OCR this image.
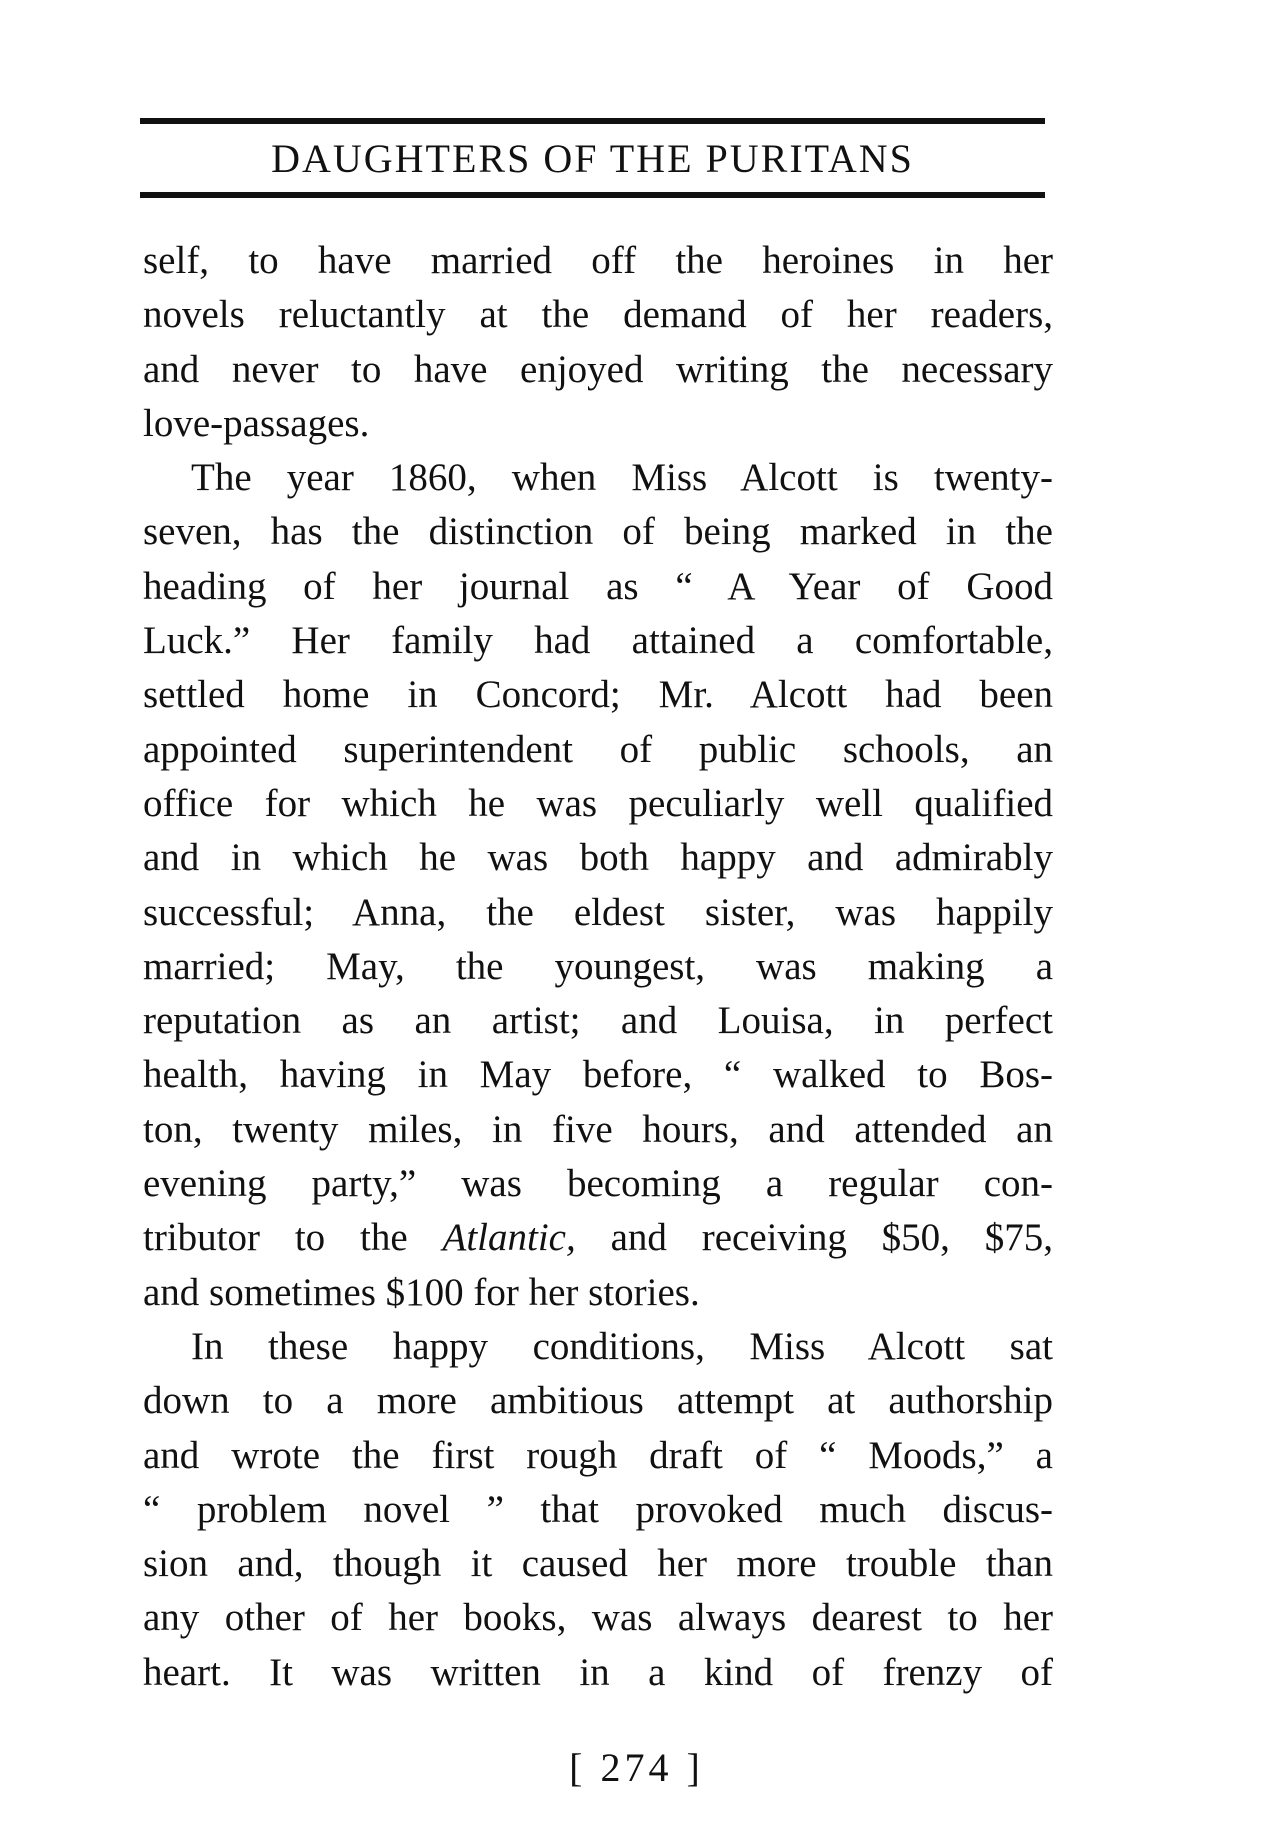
DAUGHTERS OF THE PURITANS
self, to have married off the heroines in her
novels reluctantly at the demand of her readers,
and never to have enjoyed writing the necessary
love-passages.
The year 1860, when Miss Alcott is twenty-
seven, has the distinction of being marked in the
heading of her journal as “ A Year of Good
Luck.” Her family had attained a comfortable,
settled home in Concord; Mr. Alcott had been
appointed superintendent of public schools, an
office for which he was peculiarly well qualified
and in which he was both happy and admirably
successful; Anna, the eldest sister, was happily
married; May, the youngest, was making a
reputation as an artist; and Louisa, in perfect
health, having in May before, “ walked to Bos-
ton, twenty miles, in five hours, and attended an
evening party,” was becoming a regular con-
tributor to the Atlantic, and receiving $50, $75,
and sometimes $100 for her stories.
In these happy conditions, Miss Alcott sat
down to a more ambitious attempt at authorship
and wrote the first rough draft of “ Moods,” a
“ problem novel ” that provoked much discus-
sion and, though it caused her more trouble than
any other of her books, was always dearest to her
heart. It was written in a kind of frenzy of
[ 274 ]
